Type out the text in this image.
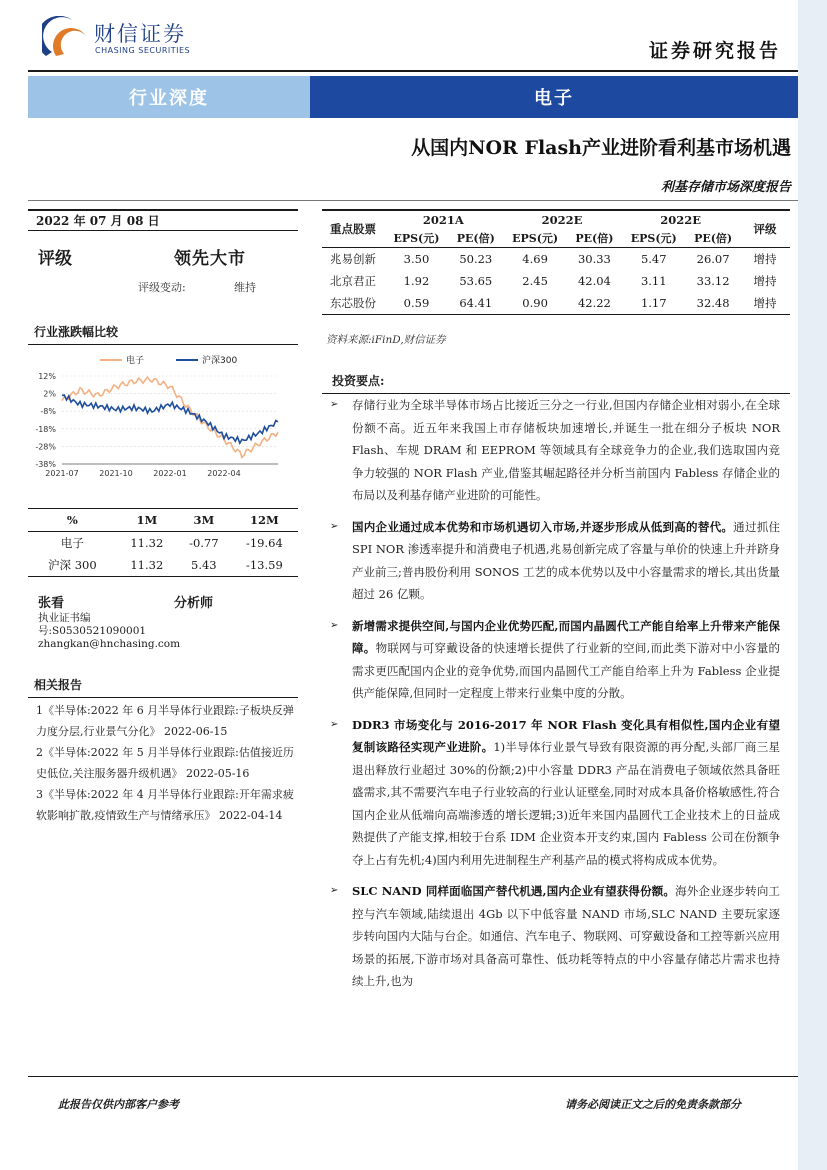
财信证券
CHASING SECURITIES	证券研究报告
行业深度	电子
从国内NOR Flash产业进阶看利基市场机遇
利基存储市场深度报告
2022 年 07 月 08 日
评级	领先大市
评级变动:	维持
行业涨跌幅比较
电子	沪深300
12%
2%
-8%
-18%
-28%
-38%
2021-07	2021-10	2022-01	2022-04
%	1M	3M	12M
电子	11.32	-0.77	-19.64
沪深 300	11.32	5.43	-13.59
张看	分析师
执业证书编
号:S0530521090001
zhangkan@hnchasing.com
相关报告
1《半导体:2022 年 6 月半导体行业跟踪:子板块反弹力度分层,行业景气分化》 2022-06-15
2《半导体:2022 年 5 月半导体行业跟踪:估值接近历史低位,关注服务器升级机遇》 2022-05-16
3《半导体:2022 年 4 月半导体行业跟踪:开年需求疲软影响扩散,疫情致生产与情绪承压》 2022-04-14
重点股票	2021A		2022E		2022E		评级
	EPS(元)	PE(倍)	EPS(元)	PE(倍)	EPS(元)	PE(倍)	
兆易创新	3.50	50.23	4.69	30.33	5.47	26.07	增持
北京君正	1.92	53.65	2.45	42.04	3.11	33.12	增持
东芯股份	0.59	64.41	0.90	42.22	1.17	32.48	增持
资料来源:iFinD,财信证券
投资要点:
➢ 存储行业为全球半导体市场占比接近三分之一行业,但国内存储企业相对弱小,在全球份额不高。近五年来我国上市存储板块加速增长,并诞生一批在细分子板块 NOR Flash、车规 DRAM 和 EEPROM 等领域具有全球竞争力的企业,我们选取国内竞争力较强的 NOR Flash 产业,借鉴其崛起路径并分析当前国内 Fabless 存储企业的布局以及利基存储产业进阶的可能性。
➢ 国内企业通过成本优势和市场机遇切入市场,并逐步形成从低到高的替代。通过抓住 SPI NOR 渗透率提升和消费电子机遇,兆易创新完成了容量与单价的快速上升并跻身产业前三;普冉股份利用 SONOS 工艺的成本优势以及中小容量需求的增长,其出货量超过 26 亿颗。
➢ 新增需求提供空间,与国内企业优势匹配,而国内晶圆代工产能自给率上升带来产能保障。物联网与可穿戴设备的快速增长提供了行业新的空间,而此类下游对中小容量的需求更匹配国内企业的竞争优势,而国内晶圆代工产能自给率上升为 Fabless 企业提供产能保障,但同时一定程度上带来行业集中度的分散。
➢ DDR3 市场变化与 2016-2017 年 NOR Flash 变化具有相似性,国内企业有望复制该路径实现产业进阶。1)半导体行业景气导致有限资源的再分配,头部厂商三星退出释放行业超过 30%的份额;2)中小容量 DDR3 产品在消费电子领域依然具备旺盛需求,其不需要汽车电子行业较高的行业认证壁垒,同时对成本具备价格敏感性,符合国内企业从低端向高端渗透的增长逻辑;3)近年来国内晶圆代工企业技术上的日益成熟提供了产能支撑,相较于台系 IDM 企业资本开支约束,国内 Fabless 公司在份额争夺上占有先机;4)国内利用先进制程生产利基产品的模式将构成成本优势。
➢ SLC NAND 同样面临国产替代机遇,国内企业有望获得份额。海外企业逐步转向工控与汽车领域,陆续退出 4Gb 以下中低容量 NAND 市场,SLC NAND 主要玩家逐步转向国内大陆与台企。如通信、汽车电子、物联网、可穿戴设备和工控等新兴应用场景的拓展,下游市场对具备高可靠性、低功耗等特点的中小容量存储芯片需求也持续上升,也为
此报告仅供内部客户参考	请务必阅读正文之后的免责条款部分
